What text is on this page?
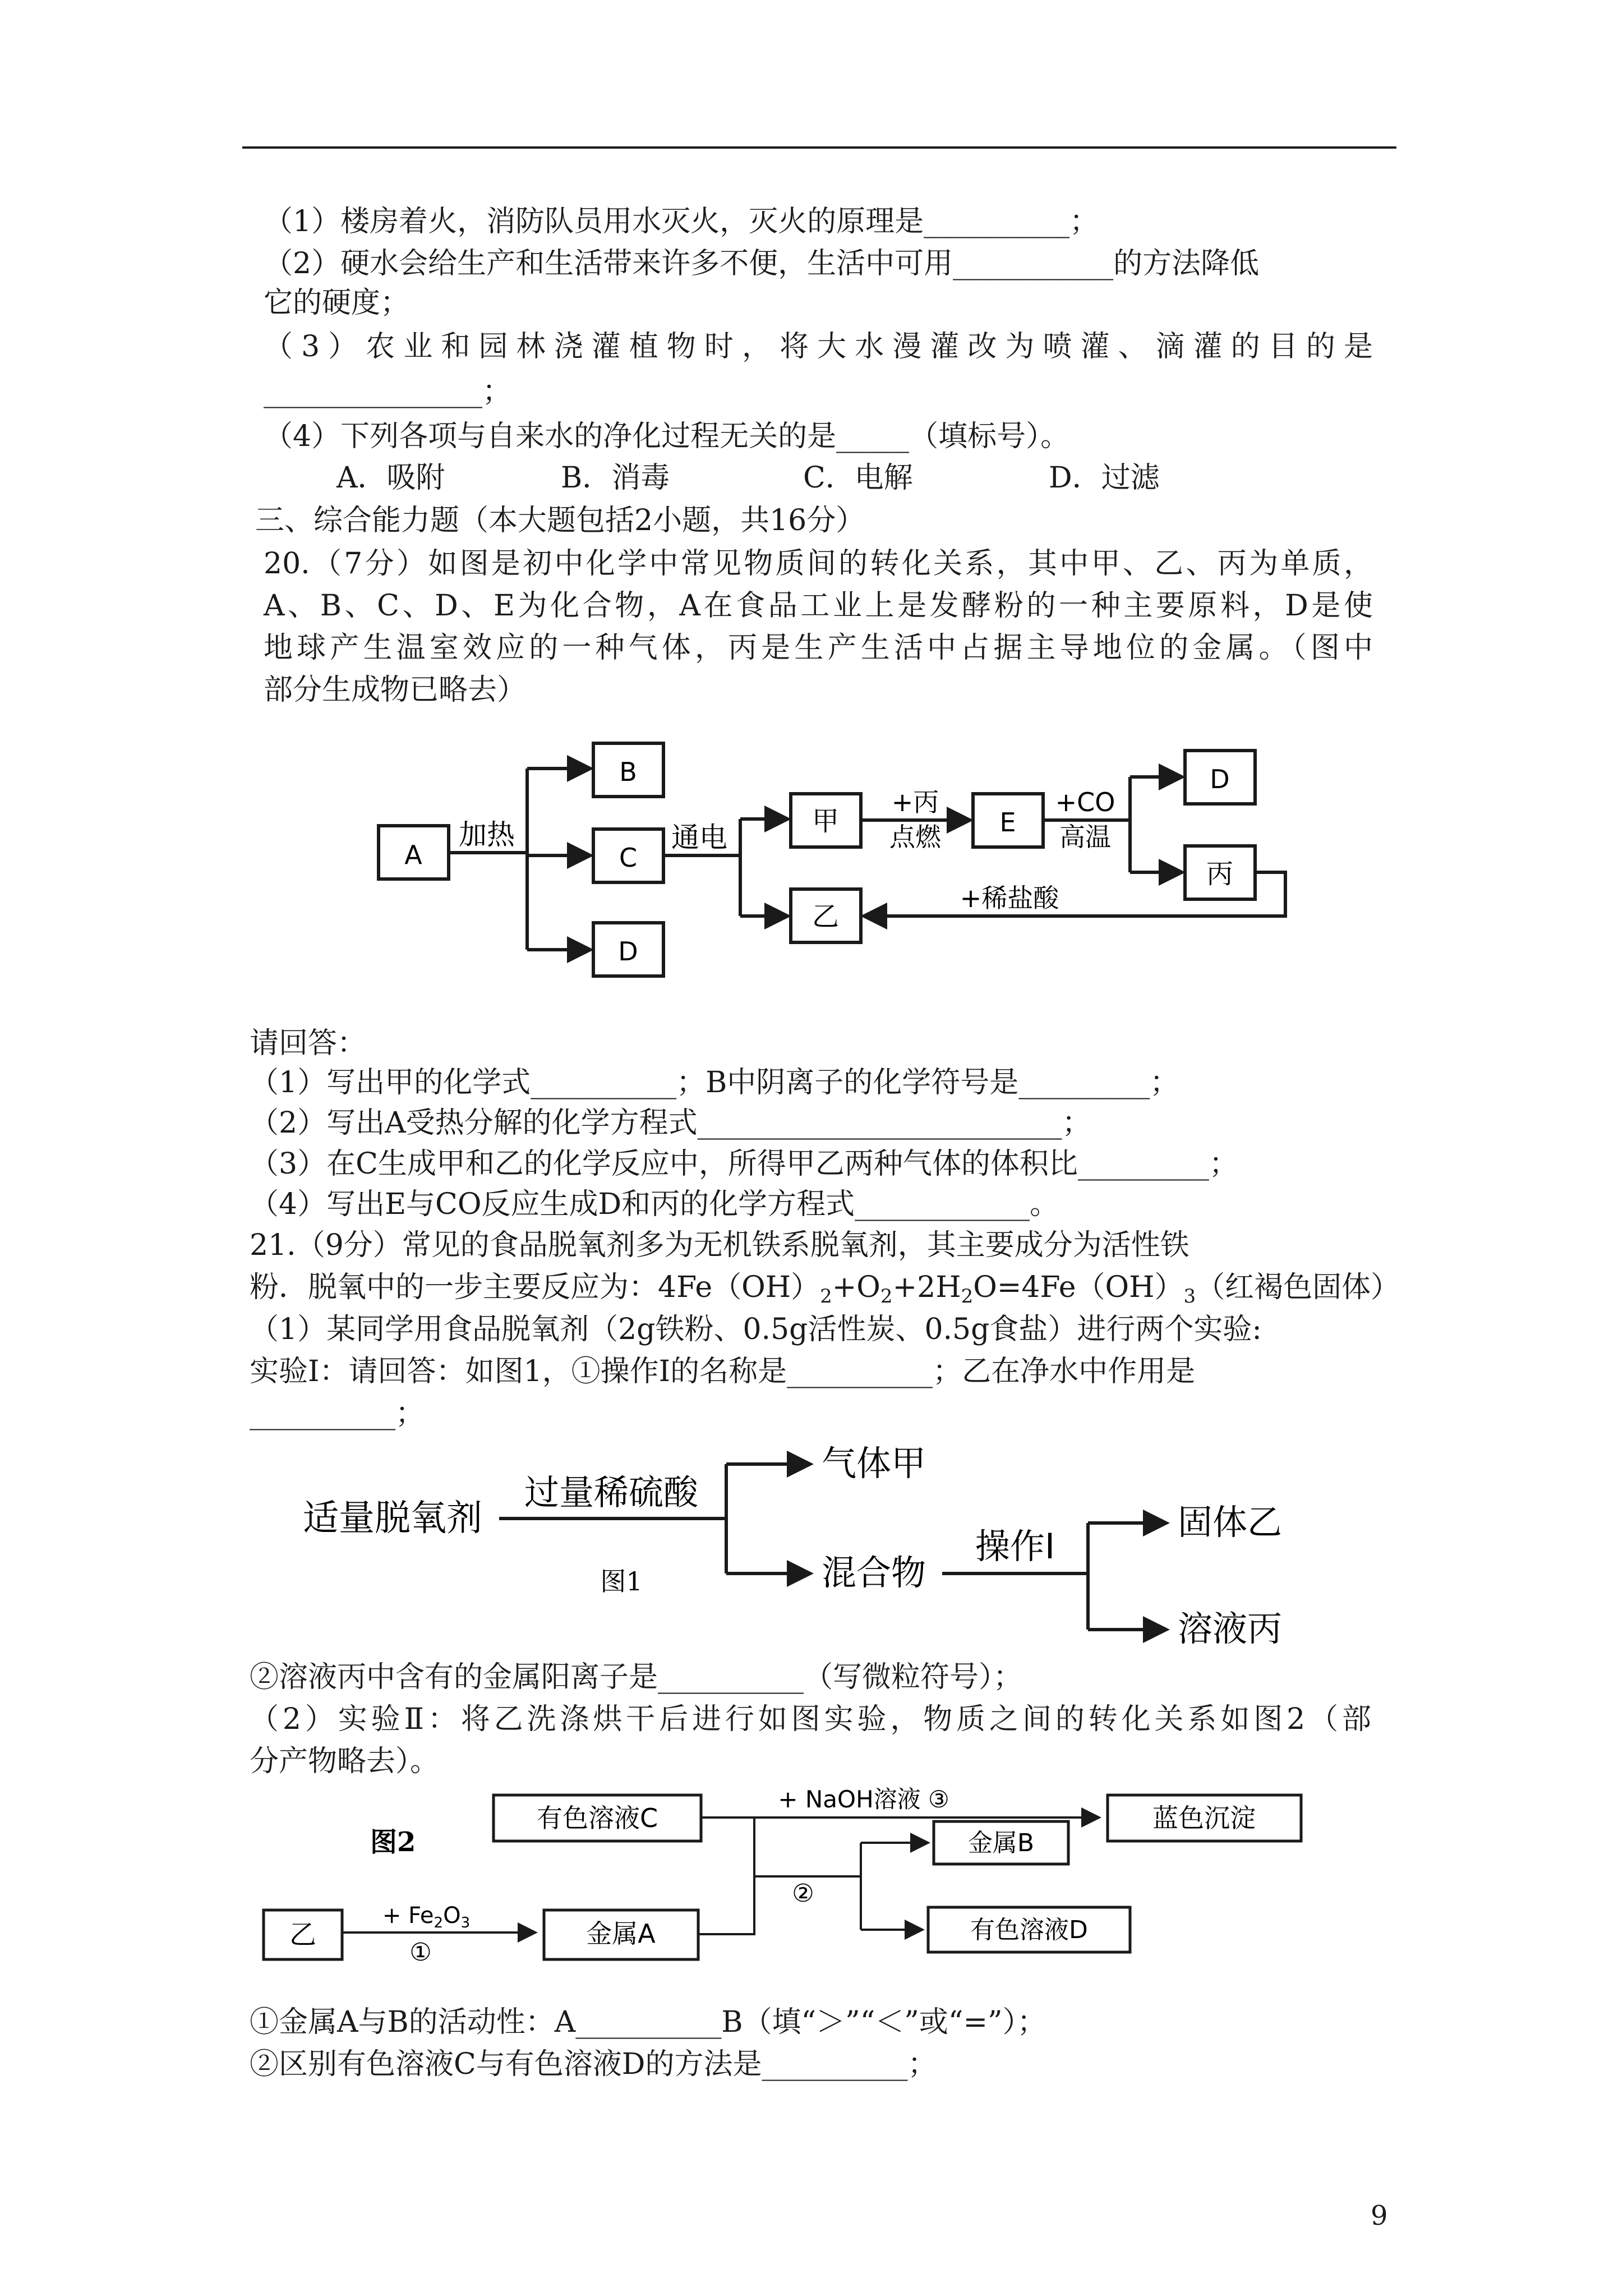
（1）楼房着火，消防队员用水灭火，灭火的原理是__________；
（2）硬水会给生产和生活带来许多不便，生活中可用___________的方法降低
它的硬度；
（3）农业和园林浇灌植物时，将大水漫灌改为喷灌、滴灌的目的是
_______________；
（4）下列各项与自来水的净化过程无关的是_____（填标号）。
A．吸附	B．消毒	C．电解	D．过滤
三、综合能力题（本大题包括2小题，共16分）
20.（7分）如图是初中化学中常见物质间的转化关系，其中甲、乙、丙为单质，
A、B、C、D、E为化合物，A在食品工业上是发酵粉的一种主要原料，D是使
地球产生温室效应的一种气体，丙是生产生活中占据主导地位的金属。（图中
部分生成物已略去）
A
B
C
D
甲	E
D
丙
乙
加热	通电
+丙
点燃
+CO
高温
+稀盐酸
请回答：
（1）写出甲的化学式__________；B中阴离子的化学符号是_________；
（2）写出A受热分解的化学方程式_________________________；
（3）在C生成甲和乙的化学反应中，所得甲乙两种气体的体积比_________；
（4）写出E与CO反应生成D和丙的化学方程式____________。
21.（9分）常见的食品脱氧剂多为无机铁系脱氧剂，其主要成分为活性铁
粉．脱氧中的一步主要反应为：$4Fe(OH)_2+O_2+2H_2O=4Fe(OH)_3$（红褐色固体）
（1）某同学用食品脱氧剂（2g铁粉、0.5g活性炭、0.5g食盐）进行两个实验:
实验Ⅰ：请回答：如图1，①操作Ⅰ的名称是__________；乙在净水中作用是
__________；
适量脱氧剂
过量稀硫酸
气体甲
混合物
图1
操作Ⅰ
固体乙
溶液丙
②溶液丙中含有的金属阳离子是__________（写微粒符号）；
（2）实验Ⅱ：将乙洗涤烘干后进行如图实验，物质之间的转化关系如图2（部
分产物略去）。
图2
有色溶液C
+ NaOH溶液 ③
蓝色沉淀
金属B
有色溶液D
乙
+ $Fe_2O_3$
①
金属A
②
①金属A与B的活动性：A__________B（填“＞”“＜”或“=”）；
②区别有色溶液C与有色溶液D的方法是__________；
9
